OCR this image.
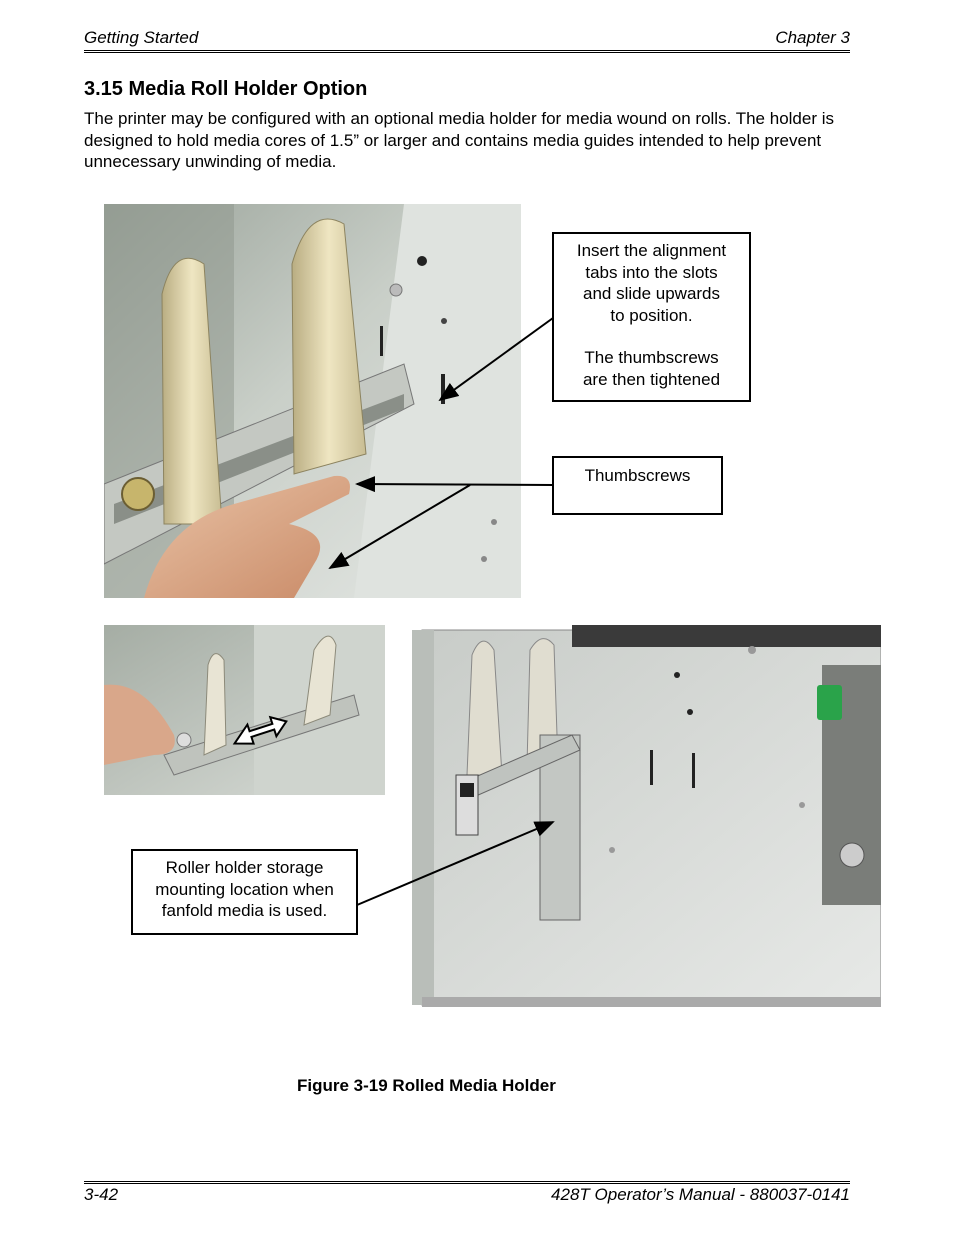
Getting Started	Chapter 3
3.15 Media Roll Holder Option
The printer may be configured with an optional media holder for media wound on rolls. The holder is designed to hold media cores of 1.5” or larger and contains media guides intended to help prevent unnecessary unwinding of media.
Insert the alignment
tabs into the slots
and slide upwards
to position.
The thumbscrews
are then tightened
Thumbscrews
Roller holder storage
mounting location when
fanfold media is used.
Figure 3-19 Rolled Media Holder
3-42	428T Operator’s Manual - 880037-0141
